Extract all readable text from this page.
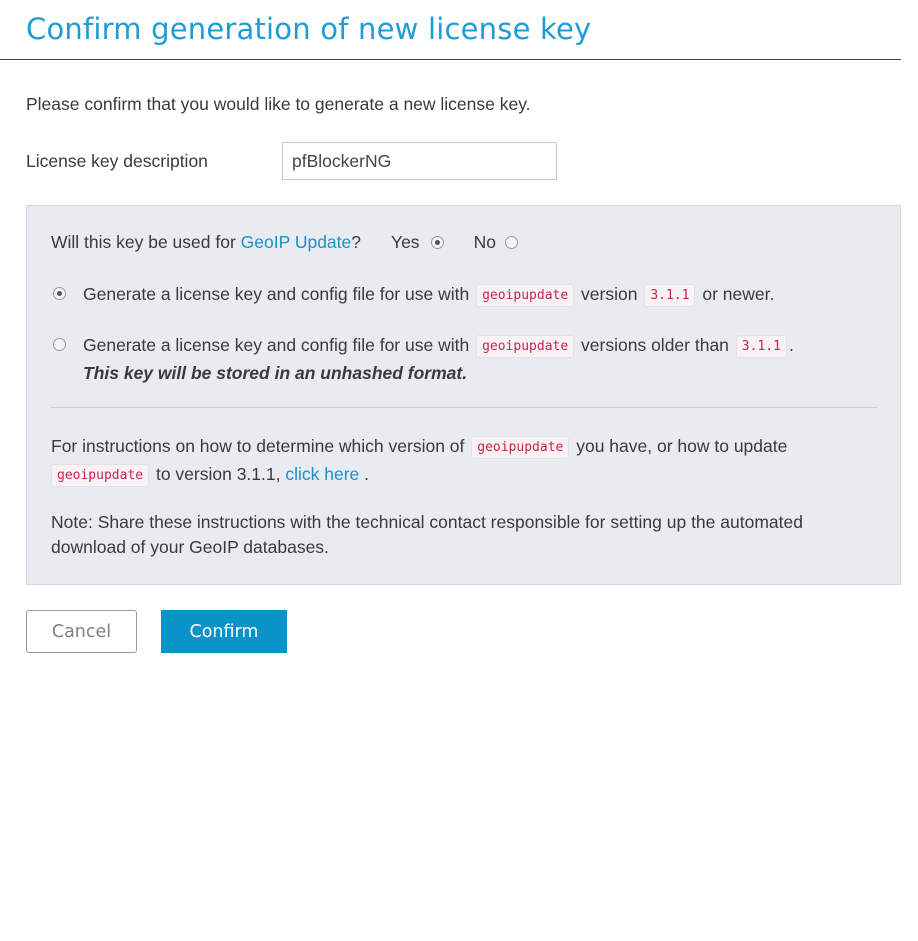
Confirm generation of new license key
Please confirm that you would like to generate a new license key.
License key description
pfBlockerNG
Will this key be used for
GeoIP Update ? Yes	No
Generate a license key and config file for use with geoipupdate version 3.1.1 or newer.
Generate a license key and config file for use with geoipupdate versions older than 3.1.1 .
This key will be stored in an unhashed format.
For instructions on how to determine which version of geoipupdate you have, or how to update
geoipupdate to version 3.1.1, click here .
Note: Share these instructions with the technical contact responsible for setting up the automated download of your GeoIP databases.
Cancel	Confirm
